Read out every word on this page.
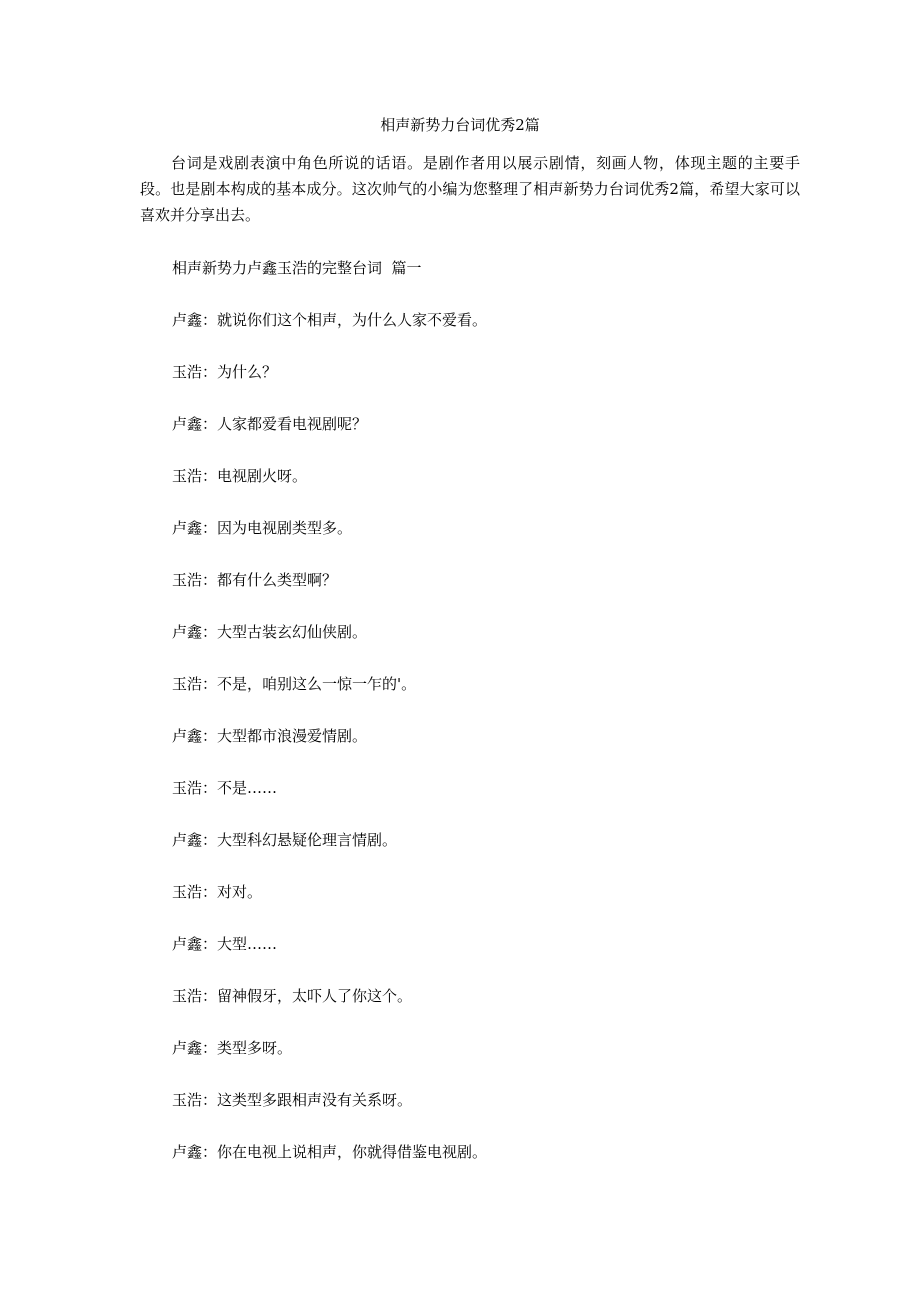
相声新势力台词优秀2篇

台词是戏剧表演中角色所说的话语。是剧作者用以展示剧情，刻画人物，体现主题的主要手段。也是剧本构成的基本成分。这次帅气的小编为您整理了相声新势力台词优秀2篇，希望大家可以喜欢并分享出去。

相声新势力卢鑫玉浩的完整台词  篇一
卢鑫：就说你们这个相声，为什么人家不爱看。
玉浩：为什么？
卢鑫：人家都爱看电视剧呢？
玉浩：电视剧火呀。
卢鑫：因为电视剧类型多。
玉浩：都有什么类型啊？
卢鑫：大型古装玄幻仙侠剧。
玉浩：不是，咱别这么一惊一乍的'。
卢鑫：大型都市浪漫爱情剧。
玉浩：不是……
卢鑫：大型科幻悬疑伦理言情剧。
玉浩：对对。
卢鑫：大型……
玉浩：留神假牙，太吓人了你这个。
卢鑫：类型多呀。
玉浩：这类型多跟相声没有关系呀。
卢鑫：你在电视上说相声，你就得借鉴电视剧。
